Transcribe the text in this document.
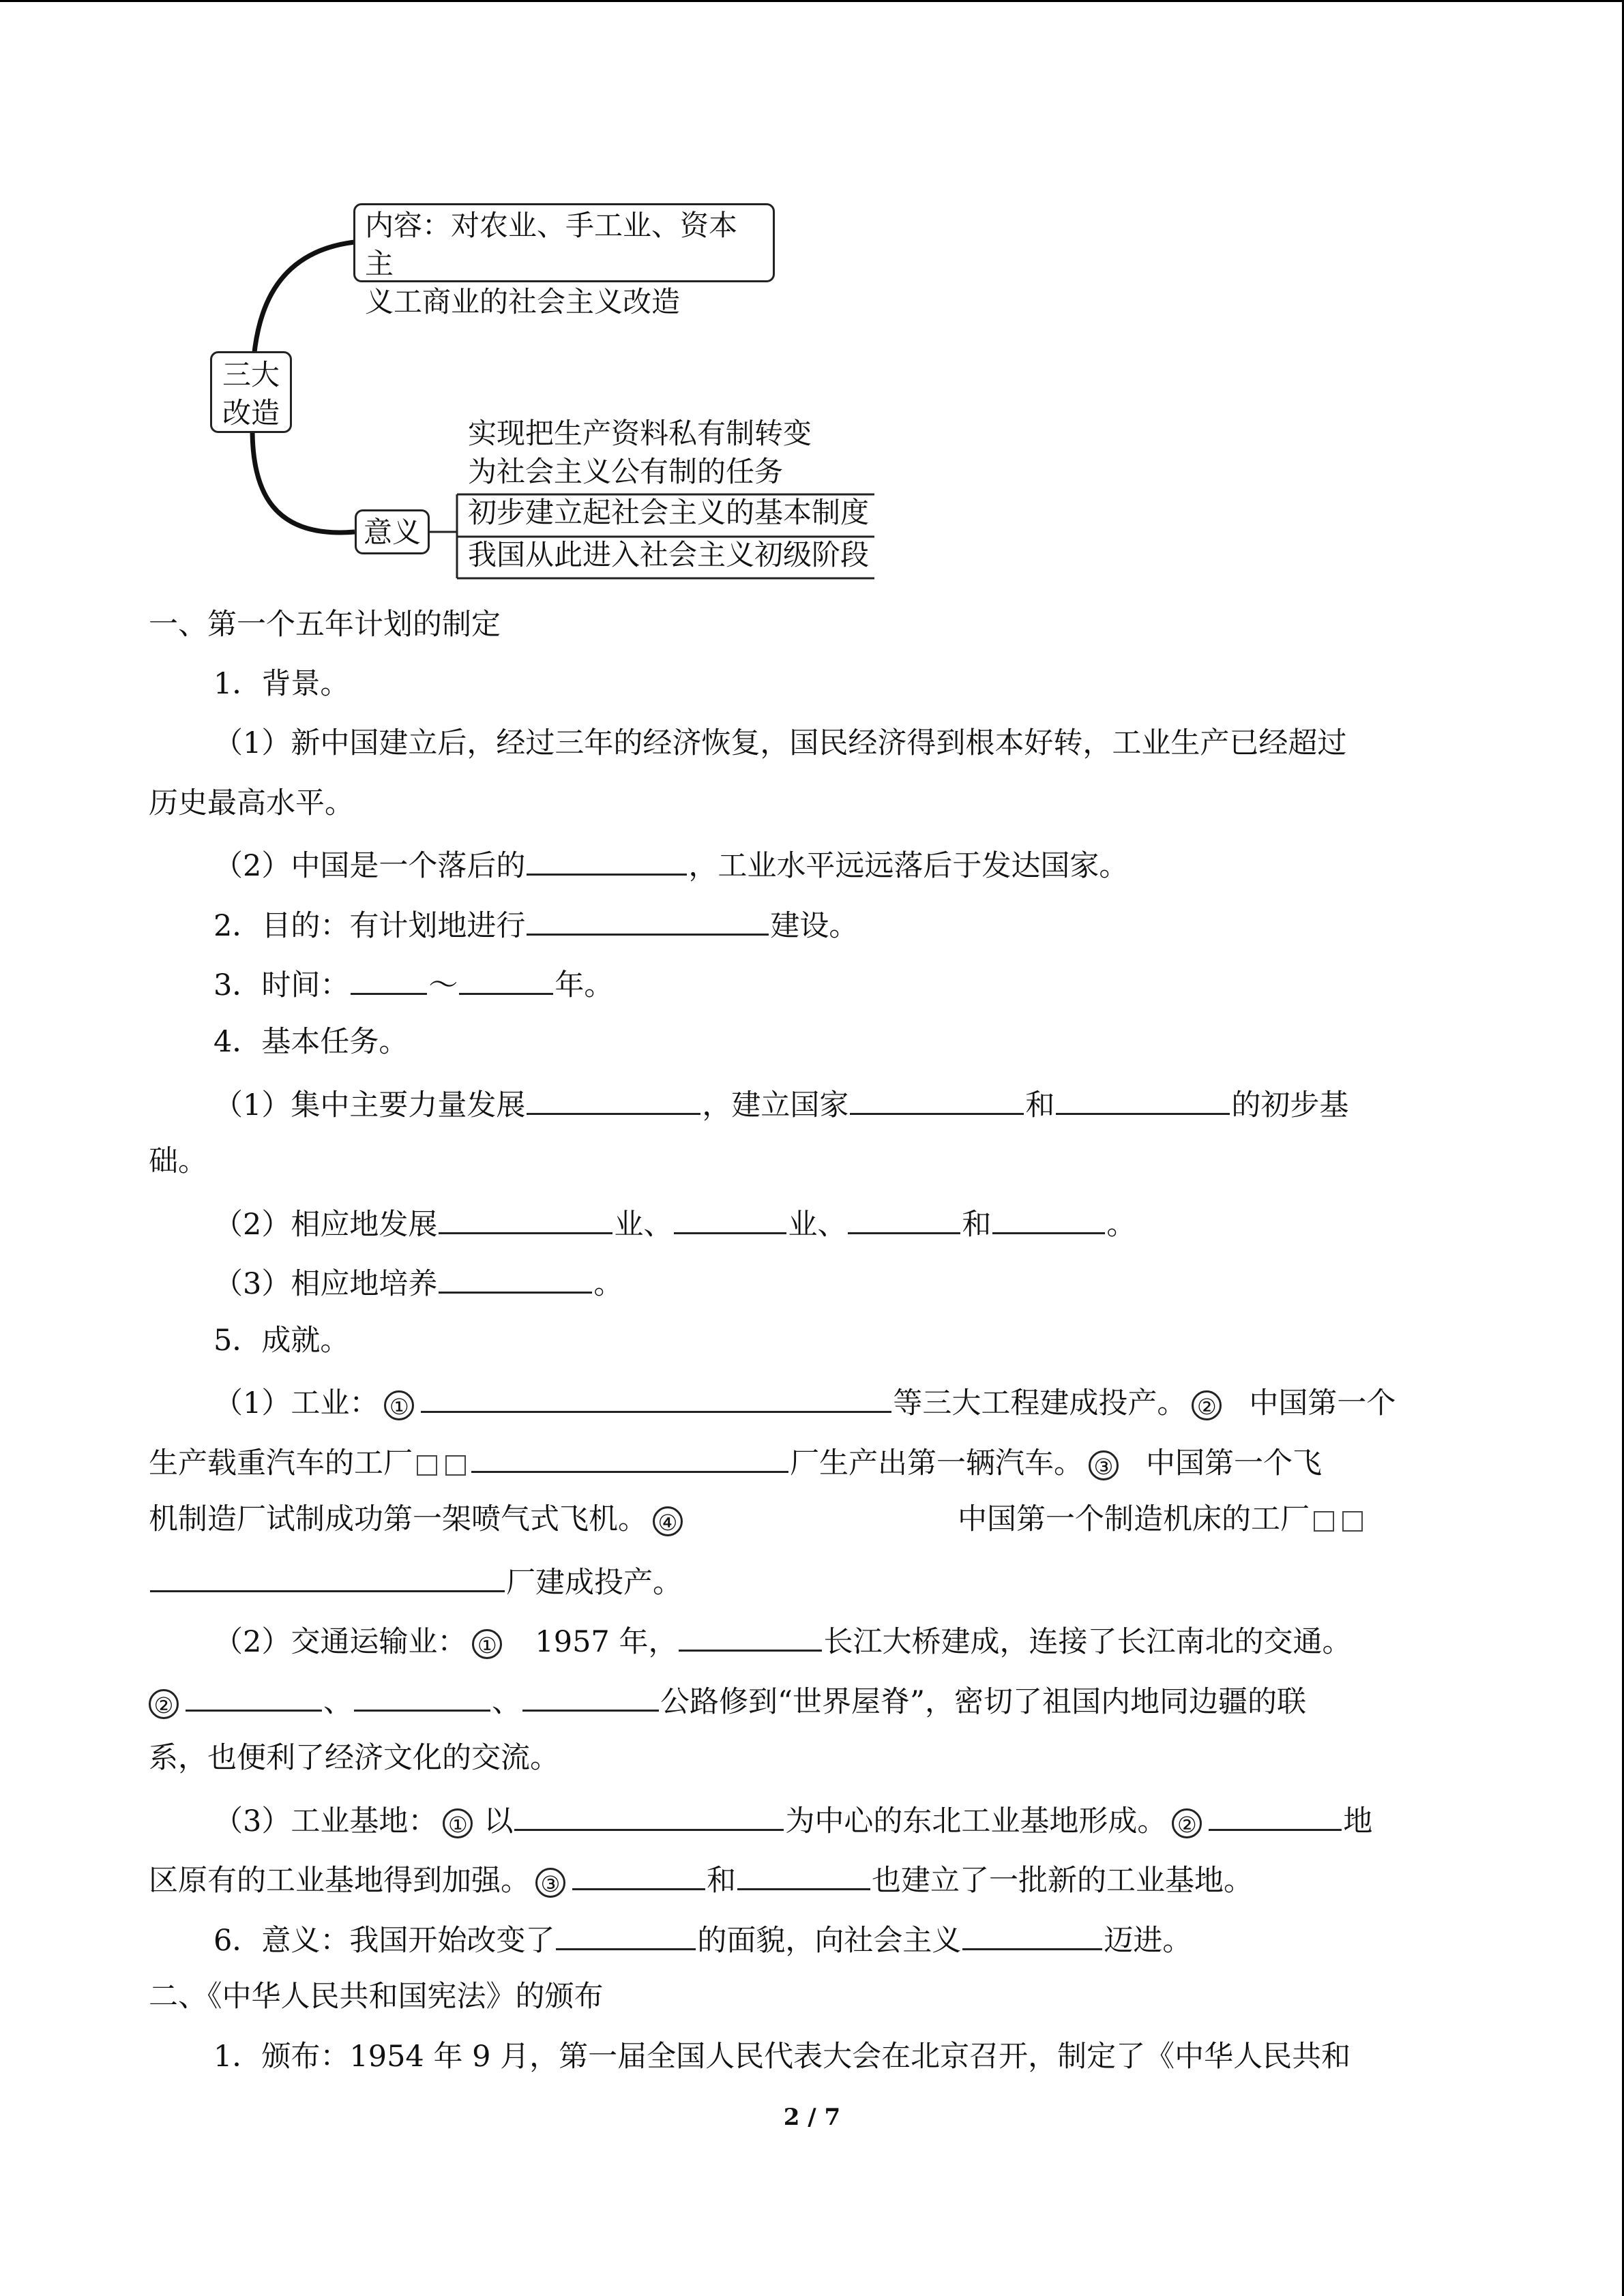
三大
改造
内容：对农业、手工业、资本主
义工商业的社会主义改造
意义
实现把生产资料私有制转变
为社会主义公有制的任务
初步建立起社会主义的基本制度
我国从此进入社会主义初级阶段
一、第一个五年计划的制定
1．背景。
（1）新中国建立后，经过三年的经济恢复，国民经济得到根本好转，工业生产已经超过
历史最高水平。
（2）中国是一个落后的	，工业水平远远落后于发达国家。
2．目的：有计划地进行	建设。
3．时间：	～	年。
4．基本任务。
（1）集中主要力量发展	，建立国家	和	的初步基
础。
（2）相应地发展	业、	业、	和	。
（3）相应地培养	。
5．成就。
（1）工业： ①	等三大工程建成投产。 ② 中国第一个
生产载重汽车的工厂	厂生产出第一辆汽车。 ③ 中国第一个飞
机制造厂试制成功第一架喷气式飞机。 ④	中国第一个制造机床的工厂
厂建成投产。
（2）交通运输业： ① 1957 年，	长江大桥建成，连接了长江南北的交通。
②	、	、	公路修到“世界屋脊”，密切了祖国内地同边疆的联
系，也便利了经济文化的交流。
（3）工业基地： ① 以	为中心的东北工业基地形成。 ②	地
区原有的工业基地得到加强。 ③	和	也建立了一批新的工业基地。
6．意义：我国开始改变了	的面貌，向社会主义	迈进。
二、《中华人民共和国宪法》的颁布
1．颁布：1954 年 9 月，第一届全国人民代表大会在北京召开，制定了《中华人民共和
2 / 7
